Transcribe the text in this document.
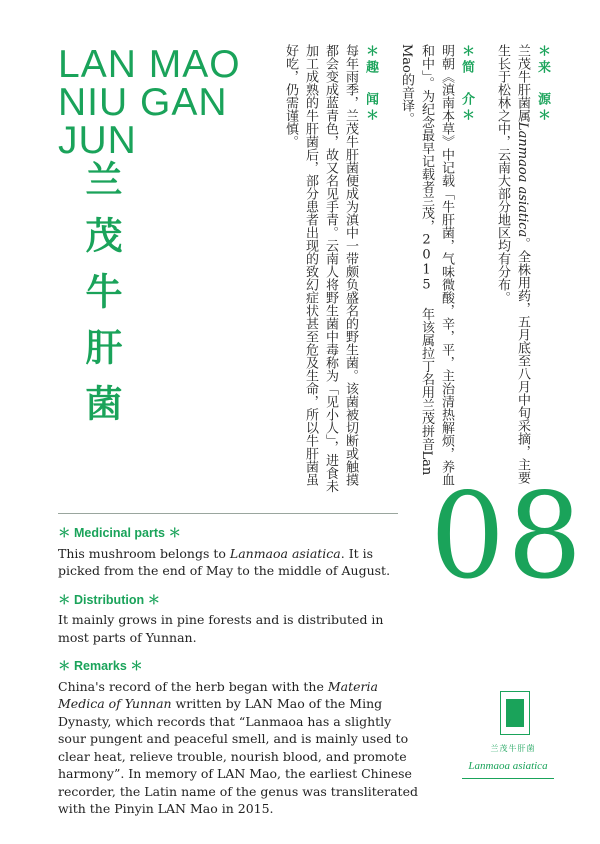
LAN MAO
NIU GAN
JUN
兰茂牛肝菌
＊来　源＊
兰茂牛肝菌属Lanmaoa asiatica。全株用药，五月底至八月中旬采摘，主要生长于松林之中，云南大部分地区均有分布。
＊简　介＊
明朝《滇南本草》中记载「牛肝菌，气味微酸，辛，平，主治清热解烦，养血和中」。为纪念最早记载者兰茂，2015 年该属拉丁名用兰茂拼音Lan Mao的音译。
＊趣　闻＊
每年雨季，兰茂牛肝菌便成为滇中一带颇负盛名的野生菌。该菌被切断或触摸都会变成蓝青色，故又名见手青。云南人将野生菌中毒称为「见小人」，进食未加工成熟的牛肝菌后，部分患者出现的致幻症状甚至危及生命，所以牛肝菌虽好吃，仍需谨慎。
08
＊ Medicinal parts ＊
This mushroom belongs to Lanmaoa asiatica. It is picked from the end of May to the middle of August.
＊ Distribution ＊
It mainly grows in pine forests and is distributed in most parts of Yunnan.
＊ Remarks ＊
China's record of the herb began with the Materia Medica of Yunnan written by LAN Mao of the Ming Dynasty, which records that “Lanmaoa has a slightly sour pungent and peaceful smell, and is mainly used to clear heat, relieve trouble, nourish blood, and promote harmony”. In memory of LAN Mao, the earliest Chinese recorder, the Latin name of the genus was transliterated with the Pinyin LAN Mao in 2015.
兰茂牛肝菌
Lanmaoa asiatica
